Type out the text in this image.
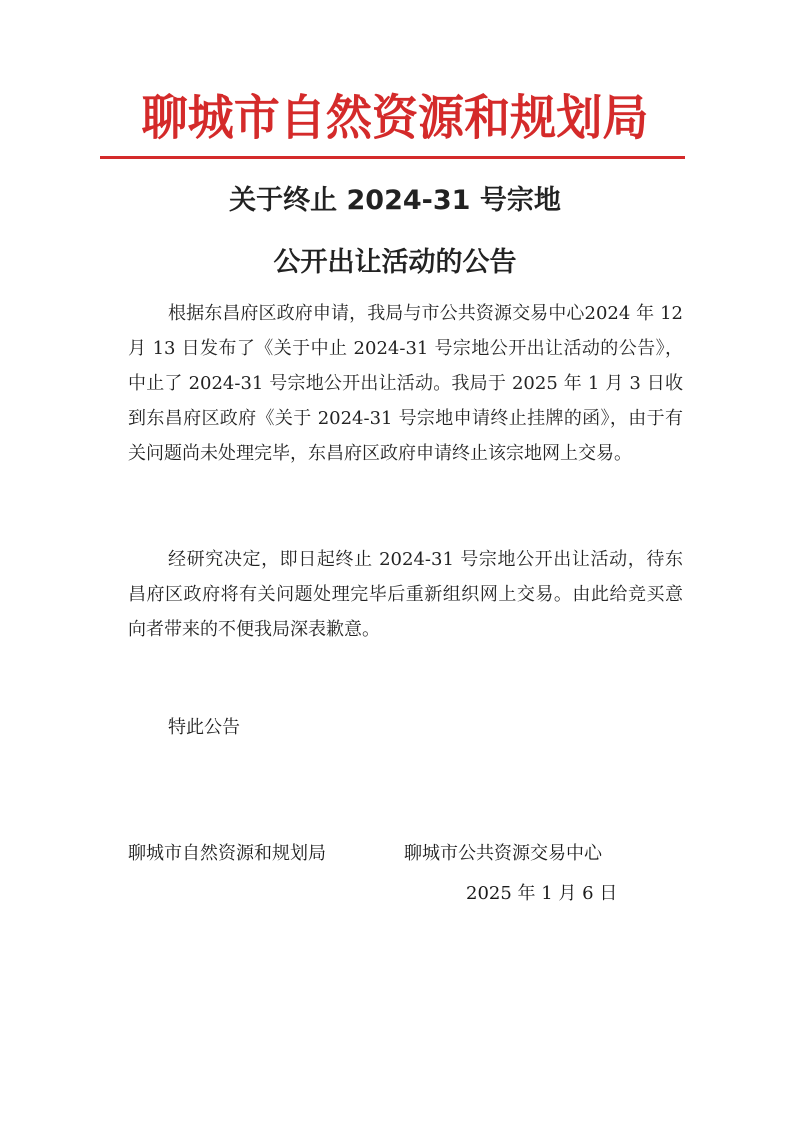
聊城市自然资源和规划局
关于终止 2024-31 号宗地
公开出让活动的公告
根据东昌府区政府申请，我局与市公共资源交易中心2024 年 12 月 13 日发布了《关于中止 2024-31 号宗地公开出让活动的公告》，中止了 2024-31 号宗地公开出让活动。我局于 2025 年 1 月 3 日收到东昌府区政府《关于 2024-31 号宗地申请终止挂牌的函》，由于有关问题尚未处理完毕，东昌府区政府申请终止该宗地网上交易。
经研究决定，即日起终止 2024-31 号宗地公开出让活动，待东昌府区政府将有关问题处理完毕后重新组织网上交易。由此给竞买意向者带来的不便我局深表歉意。
特此公告
聊城市自然资源和规划局	聊城市公共资源交易中心
2025 年 1 月 6 日
